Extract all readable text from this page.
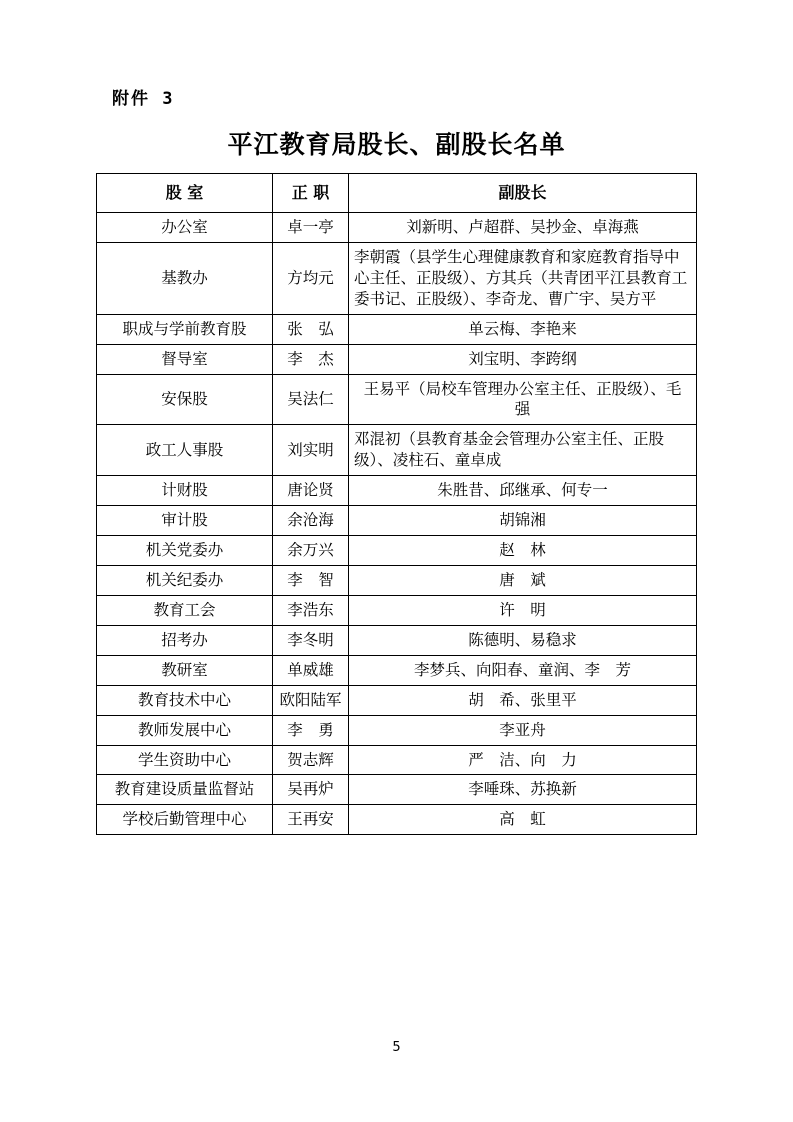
附件 3
平江教育局股长、副股长名单
股 室	正 职	副股长
办公室	卓一亭	刘新明、卢超群、吴抄金、卓海燕
基教办	方均元	李朝霞（县学生心理健康教育和家庭教育指导中心主任、正股级）、方其兵（共青团平江县教育工委书记、正股级）、李奇龙、曹广宇、吴方平
职成与学前教育股	张　弘	单云梅、李艳来
督导室	李　杰	刘宝明、李跨纲
安保股	吴法仁	王易平（局校车管理办公室主任、正股级）、毛　强
政工人事股	刘实明	邓混初（县教育基金会管理办公室主任、正股级）、凌柱石、童卓成
计财股	唐论贤	朱胜昔、邱继承、何专一
审计股	余沧海	胡锦湘
机关党委办	余万兴	赵　林
机关纪委办	李　智	唐　斌
教育工会	李浩东	许　明
招考办	李冬明	陈德明、易稳求
教研室	单威雄	李梦兵、向阳春、童润、李　芳
教育技术中心	欧阳陆军	胡　希、张里平
教师发展中心	李　勇	李亚舟
学生资助中心	贺志辉	严　洁、向　力
教育建设质量监督站	吴再炉	李唾珠、苏换新
学校后勤管理中心	王再安	高　虹
5
